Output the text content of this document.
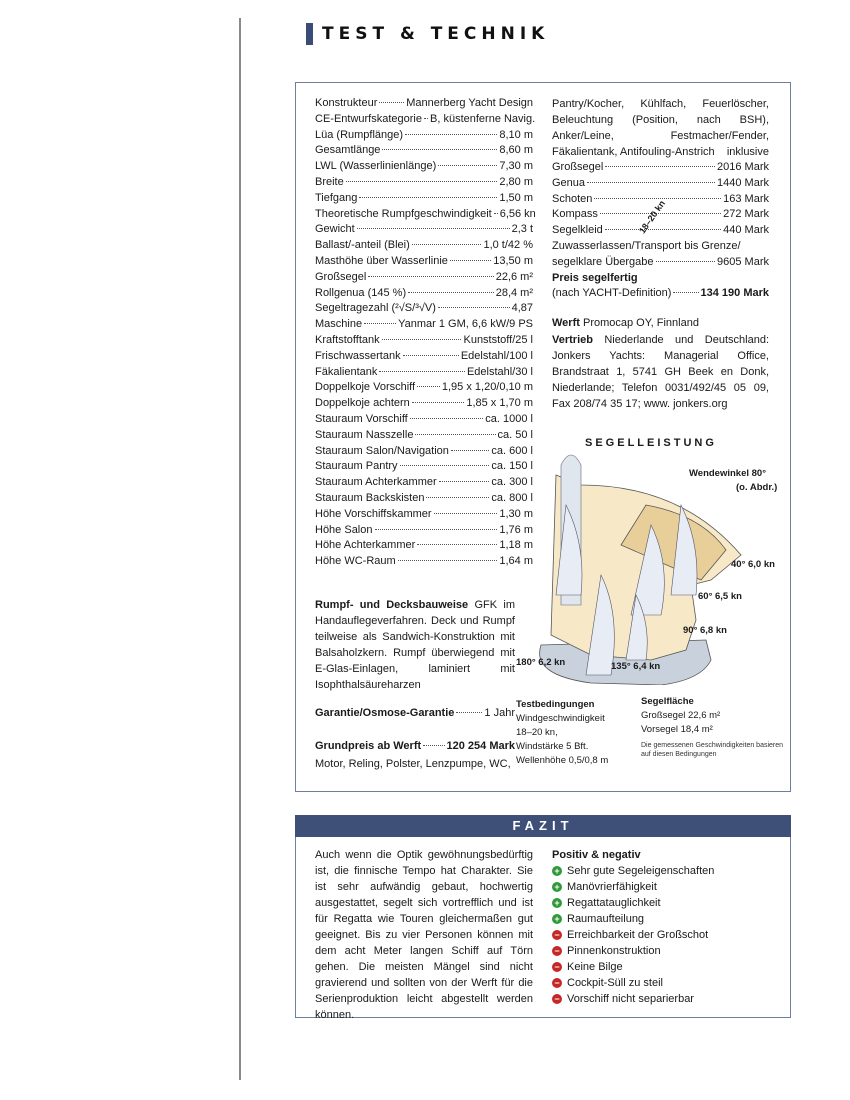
TEST & TECHNIK
Konstrukteur	Mannerberg Yacht Design
CE-Entwurfskategorie B, küstenferne Navig.
Lüa (Rumpflänge)	8,10 m
Gesamtlänge	8,60 m
LWL (Wasserlinienlänge)	7,30 m
Breite	2,80 m
Tiefgang	1,50 m
Theoretische Rumpfgeschwindigkeit 6,56 kn
Gewicht	2,3 t
Ballast/-anteil (Blei)	1,0 t/42 %
Masthöhe über Wasserlinie	13,50 m
Großsegel	22,6 m²
Rollgenua (145 %)	28,4 m²
Segeltragezahl (²√S/³√V)	4,87
Maschine	Yanmar 1 GM, 6,6 kW/9 PS
Kraftstofftank	Kunststoff/25 l
Frischwassertank	Edelstahl/100 l
Fäkalientank	Edelstahl/30 l
Doppelkoje Vorschiff 1,95 x 1,20/0,10 m
Doppelkoje achtern	1,85 x 1,70 m
Stauraum Vorschiff	ca. 1000 l
Stauraum Nasszelle	ca. 50 l
Stauraum Salon/Navigation	ca. 600 l
Stauraum Pantry	ca. 150 l
Stauraum Achterkammer	ca. 300 l
Stauraum Backskisten	ca. 800 l
Höhe Vorschiffskammer	1,30 m
Höhe Salon	1,76 m
Höhe Achterkammer	1,18 m
Höhe WC-Raum	1,64 m
Rumpf- und Decksbauweise GFK im Handauflegeverfahren. Deck und Rumpf teilweise als Sandwich-Konstruktion mit Balsaholzkern. Rumpf überwiegend mit E-Glas-Einlagen, laminiert mit Isophthalsäureharzen
Garantie/Osmose-Garantie	1 Jahr
Grundpreis ab Werft 120 254 Mark
Motor, Reling, Polster, Lenzpumpe, WC,
Pantry/Kocher, Kühlfach, Feuerlöscher, Beleuchtung (Position, nach BSH), Anker/Leine, Festmacher/Fender, Fäkalientank, Antifouling-Anstrich inklusive
Großsegel	2016 Mark
Genua	1440 Mark
Schoten	163 Mark
Kompass	272 Mark
Segelkleid	440 Mark
Zuwasserlassen/Transport bis Grenze/
segelklare Übergabe	9605 Mark
Preis segelfertig
(nach YACHT-Definition)	134 190 Mark
Werft Promocap OY, Finnland
Vertrieb Niederlande und Deutschland: Jonkers Yachts: Managerial Office, Brandstraat 1, 5741 GH Beek en Donk, Niederlande; Telefon 0031/492/45 05 09, Fax 208/74 35 17; www. jonkers.org
SEGELLEISTUNG
18–20 kn
Wendewinkel 80°
(o. Abdr.)
40° 6,0 kn
60° 6,5 kn
90° 6,8 kn
135° 6,4 kn
180° 6,2 kn
Testbedingungen
Windgeschwindigkeit
18–20 kn,
Windstärke 5 Bft.
Wellenhöhe 0,5/0,8 m
Segelfläche
Großsegel 22,6 m²
Vorsegel 18,4 m²
Die gemessenen Geschwindigkeiten basieren auf diesen Bedingungen
FAZIT
Auch wenn die Optik gewöhnungsbedürftig ist, die finnische Tempo hat Charakter. Sie ist sehr aufwändig gebaut, hochwertig ausgestattet, segelt sich vortrefflich und ist für Regatta wie Touren gleichermaßen gut geeignet. Bis zu vier Personen können mit dem acht Meter langen Schiff auf Törn gehen. Die meisten Mängel sind nicht gravierend und sollten von der Werft für die Serienproduktion leicht abgestellt werden können.
Positiv & negativ
+ Sehr gute Segeleigenschaften
+ Manövrierfähigkeit
+ Regattatauglichkeit
+ Raumaufteilung
− Erreichbarkeit der Großschot
− Pinnenkonstruktion
− Keine Bilge
− Cockpit-Süll zu steil
− Vorschiff nicht separierbar
